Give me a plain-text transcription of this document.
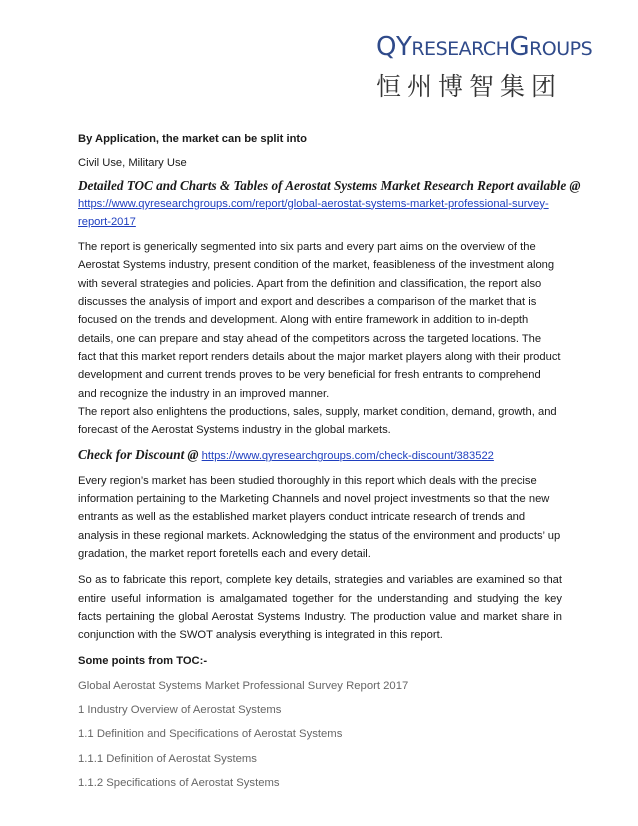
QYRESEARCHGROUPS
恒州博智集团

By Application, the market can be split into

Civil Use, Military Use

Detailed TOC and Charts & Tables of Aerostat Systems Market Research Report available @

https://www.qyresearchgroups.com/report/global-aerostat-systems-market-professional-survey-
report-2017

The report is generically segmented into six parts and every part aims on the overview of the Aerostat Systems industry, present condition of the market, feasibleness of the investment along with several strategies and policies. Apart from the definition and classification, the report also discusses the analysis of import and export and describes a comparison of the market that is focused on the trends and development. Along with entire framework in addition to in-depth details, one can prepare and stay ahead of the competitors across the targeted locations. The fact that this market report renders details about the major market players along with their product development and current trends proves to be very beneficial for fresh entrants to comprehend and recognize the industry in an improved manner.

The report also enlightens the productions, sales, supply, market condition, demand, growth, and forecast of the Aerostat Systems industry in the global markets.

Check for Discount @ https://www.qyresearchgroups.com/check-discount/383522

Every region’s market has been studied thoroughly in this report which deals with the precise information pertaining to the Marketing Channels and novel project investments so that the new entrants as well as the established market players conduct intricate research of trends and analysis in these regional markets. Acknowledging the status of the environment and products’ up gradation, the market report foretells each and every detail.

So as to fabricate this report, complete key details, strategies and variables are examined so that entire useful information is amalgamated together for the understanding and studying the key facts pertaining the global Aerostat Systems Industry. The production value and market share in conjunction with the SWOT analysis everything is integrated in this report.

Some points from TOC:-

Global Aerostat Systems Market Professional Survey Report 2017

1 Industry Overview of Aerostat Systems

1.1 Definition and Specifications of Aerostat Systems

1.1.1 Definition of Aerostat Systems

1.1.2 Specifications of Aerostat Systems
